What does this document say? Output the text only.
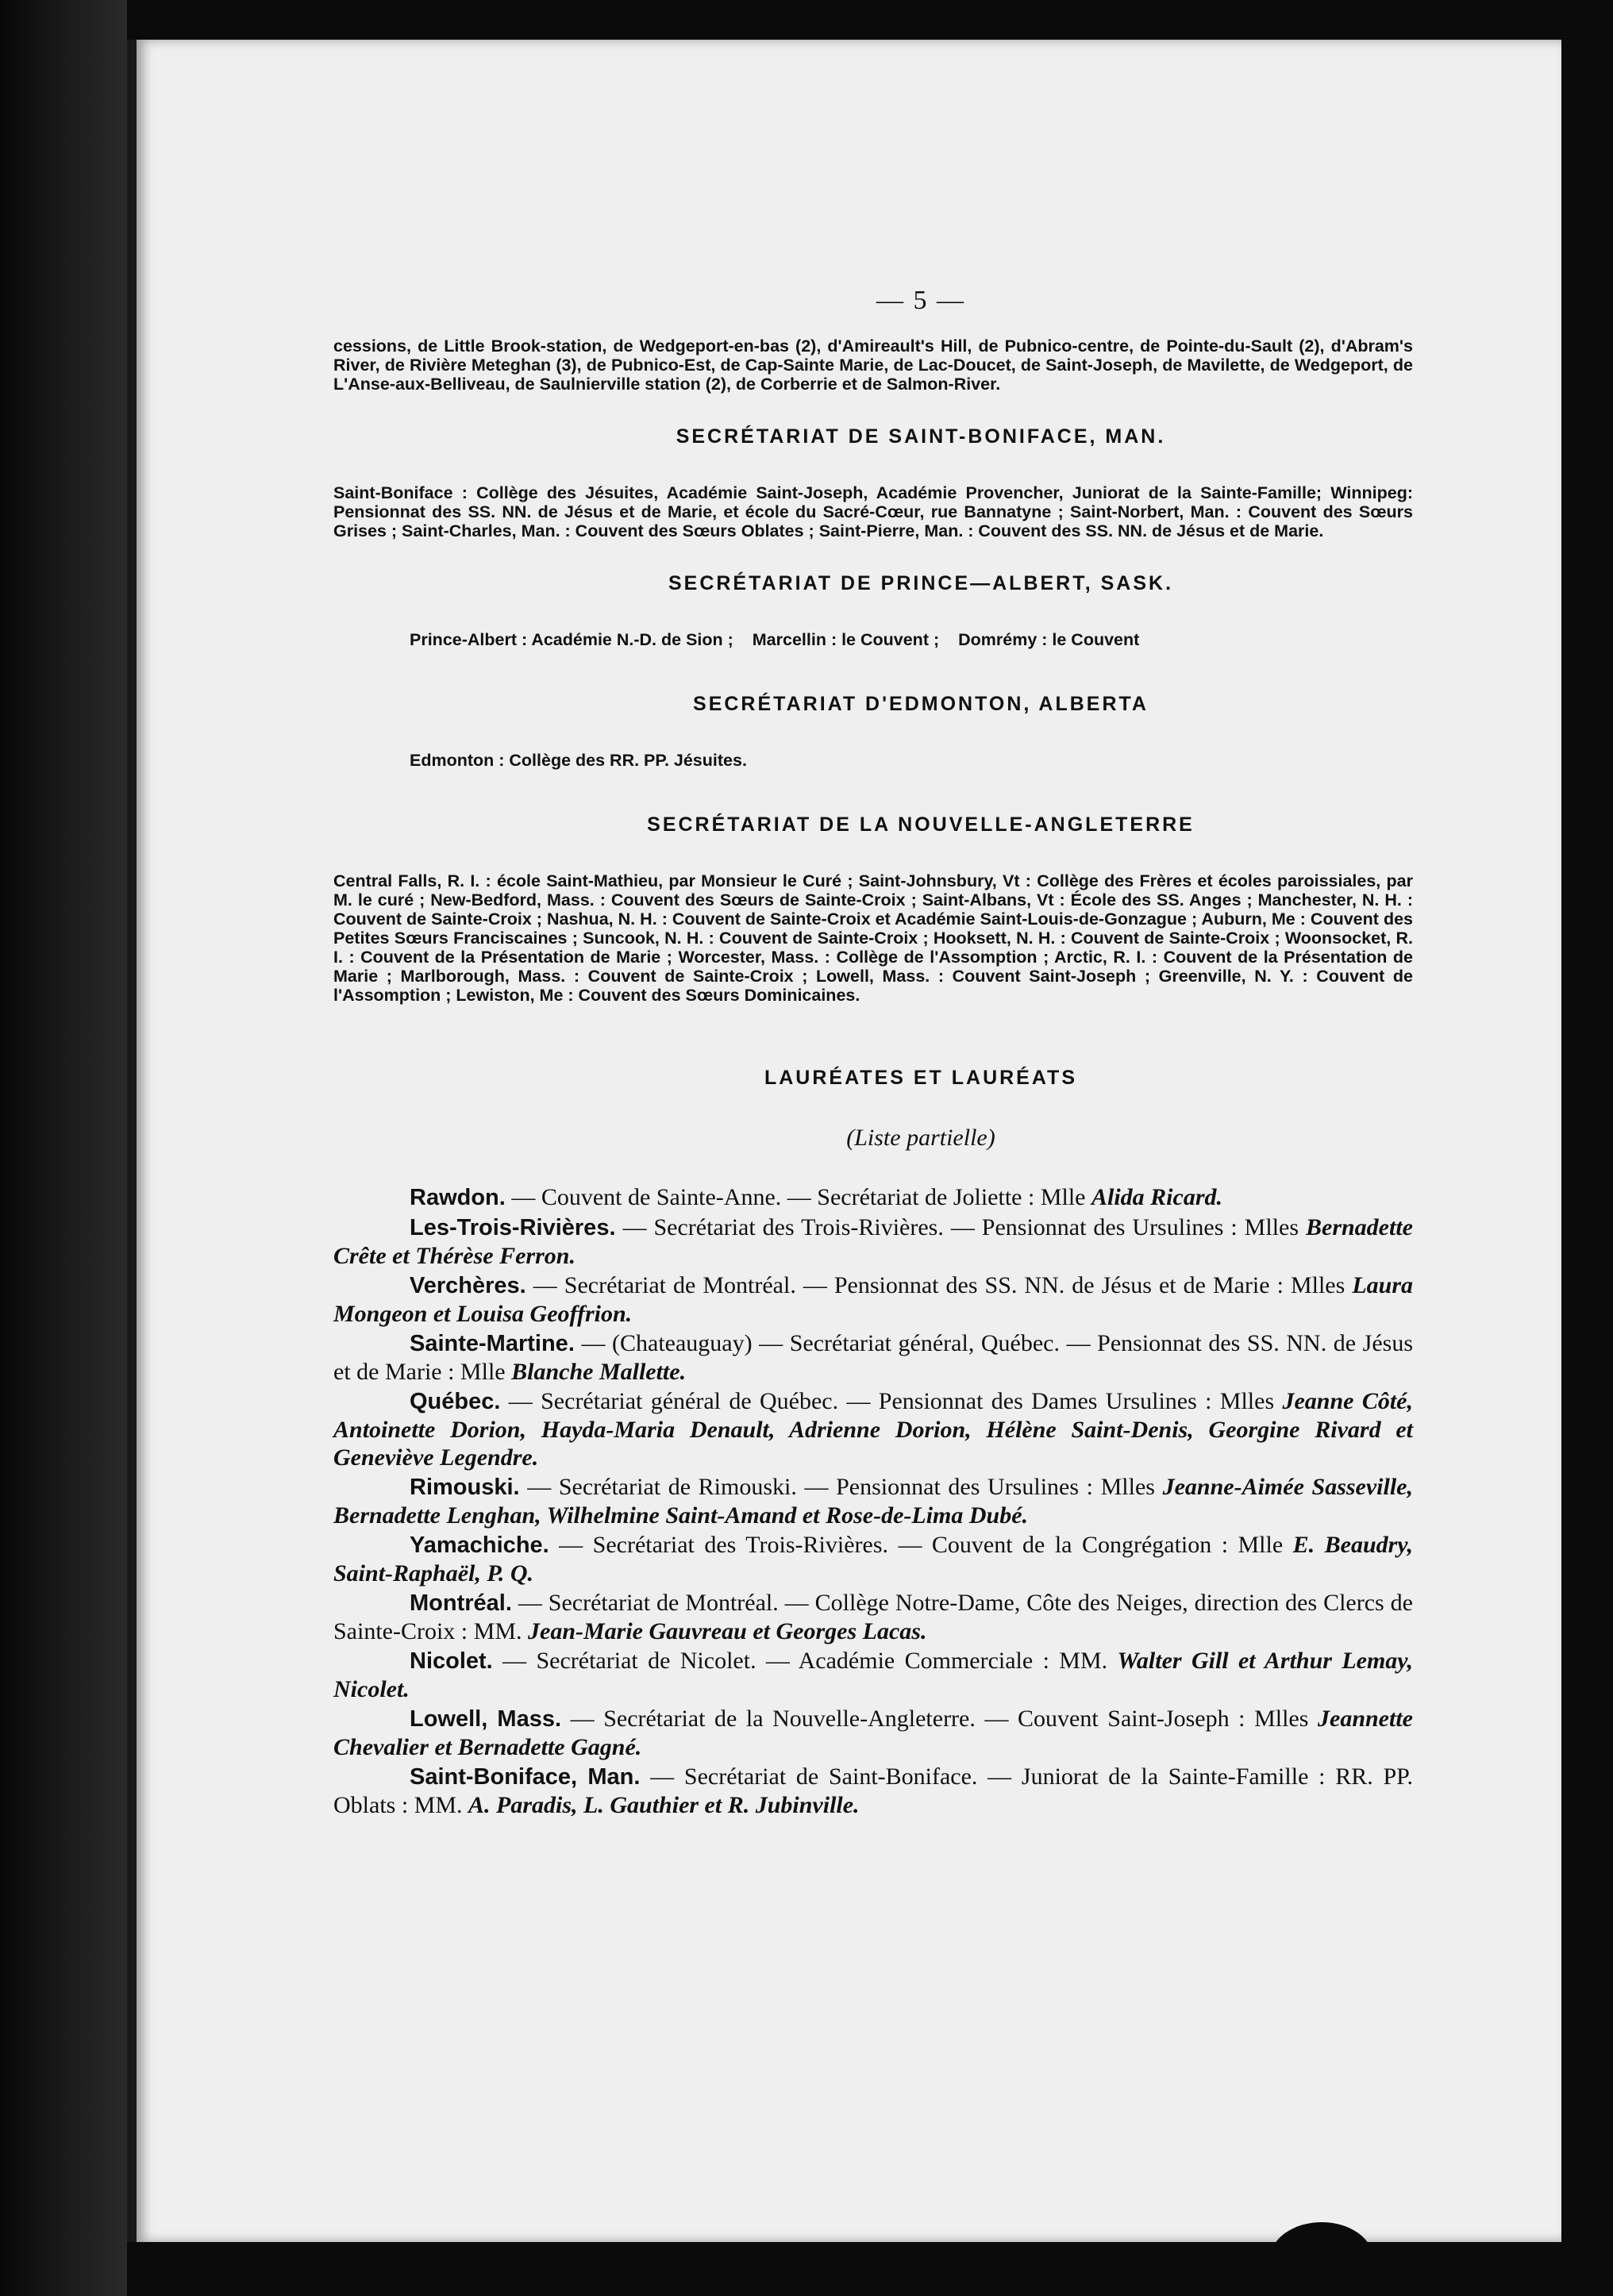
— 5 —

cessions, de Little Brook-station, de Wedgeport-en-bas (2), d'Amireault's Hill, de Pubnico-centre, de Pointe-du-Sault (2), d'Abram's River, de Rivière Meteghan (3), de Pubnico-Est, de Cap-Sainte Marie, de Lac-Doucet, de Saint-Joseph, de Mavilette, de Wedgeport, de L'Anse-aux-Belliveau, de Saulnierville station (2), de Corberrie et de Salmon-River.

SECRÉTARIAT DE SAINT-BONIFACE, MAN.

Saint-Boniface : Collège des Jésuites, Académie Saint-Joseph, Académie Provencher, Juniorat de la Sainte-Famille; Winnipeg: Pensionnat des SS. NN. de Jésus et de Marie, et école du Sacré-Cœur, rue Bannatyne ; Saint-Norbert, Man. : Couvent des Sœurs Grises ; Saint-Charles, Man. : Couvent des Sœurs Oblates ; Saint-Pierre, Man. : Couvent des SS. NN. de Jésus et de Marie.

SECRÉTARIAT DE PRINCE—ALBERT, SASK.
Prince-Albert : Académie N.-D. de Sion ; Marcellin : le Couvent ; Domrémy : le Couvent
SECRÉTARIAT D'EDMONTON, ALBERTA
Edmonton : Collège des RR. PP. Jésuites.
SECRÉTARIAT DE LA NOUVELLE-ANGLETERRE

Central Falls, R. I. : école Saint-Mathieu, par Monsieur le Curé ; Saint-Johnsbury, Vt : Collège des Frères et écoles paroissiales, par M. le curé ; New-Bedford, Mass. : Couvent des Sœurs de Sainte-Croix ; Saint-Albans, Vt : École des SS. Anges ; Manchester, N. H. : Couvent de Sainte-Croix ; Nashua, N. H. : Couvent de Sainte-Croix et Académie Saint-Louis-de-Gonzague ; Auburn, Me : Couvent des Petites Sœurs Franciscaines ; Suncook, N. H. : Couvent de Sainte-Croix ; Hooksett, N. H. : Couvent de Sainte-Croix ; Woonsocket, R. I. : Couvent de la Présentation de Marie ; Worcester, Mass. : Collège de l'Assomption ; Arctic, R. I. : Couvent de la Présentation de Marie ; Marlborough, Mass. : Couvent de Sainte-Croix ; Lowell, Mass. : Couvent Saint-Joseph ; Greenville, N. Y. : Couvent de l'Assomption ; Lewiston, Me : Couvent des Sœurs Dominicaines.

LAURÉATES ET LAURÉATS
(Liste partielle)

Rawdon. — Couvent de Sainte-Anne. — Secrétariat de Joliette : Mlle Alida Ricard.

Les-Trois-Rivières. — Secrétariat des Trois-Rivières. — Pensionnat des Ursulines : Mlles Bernadette Crête et Thérèse Ferron.

Verchères. — Secrétariat de Montréal. — Pensionnat des SS. NN. de Jésus et de Marie : Mlles Laura Mongeon et Louisa Geoffrion.

Sainte-Martine. — (Chateauguay) — Secrétariat général, Québec. — Pensionnat des SS. NN. de Jésus et de Marie : Mlle Blanche Mallette.

Québec. — Secrétariat général de Québec. — Pensionnat des Dames Ursulines : Mlles Jeanne Côté, Antoinette Dorion, Hayda-Maria Denault, Adrienne Dorion, Hélène Saint-Denis, Georgine Rivard et Geneviève Legendre.

Rimouski. — Secrétariat de Rimouski. — Pensionnat des Ursulines : Mlles Jeanne-Aimée Sasseville, Bernadette Lenghan, Wilhelmine Saint-Amand et Rose-de-Lima Dubé.

Yamachiche. — Secrétariat des Trois-Rivières. — Couvent de la Congrégation : Mlle E. Beaudry, Saint-Raphaël, P. Q.

Montréal. — Secrétariat de Montréal. — Collège Notre-Dame, Côte des Neiges, direction des Clercs de Sainte-Croix : MM. Jean-Marie Gauvreau et Georges Lacas.

Nicolet. — Secrétariat de Nicolet. — Académie Commerciale : MM. Walter Gill et Arthur Lemay, Nicolet.

Lowell, Mass. — Secrétariat de la Nouvelle-Angleterre. — Couvent Saint-Joseph : Mlles Jeannette Chevalier et Bernadette Gagné.

Saint-Boniface, Man. — Secrétariat de Saint-Boniface. — Juniorat de la Sainte-Famille : RR. PP. Oblats : MM. A. Paradis, L. Gauthier et R. Jubinville.
